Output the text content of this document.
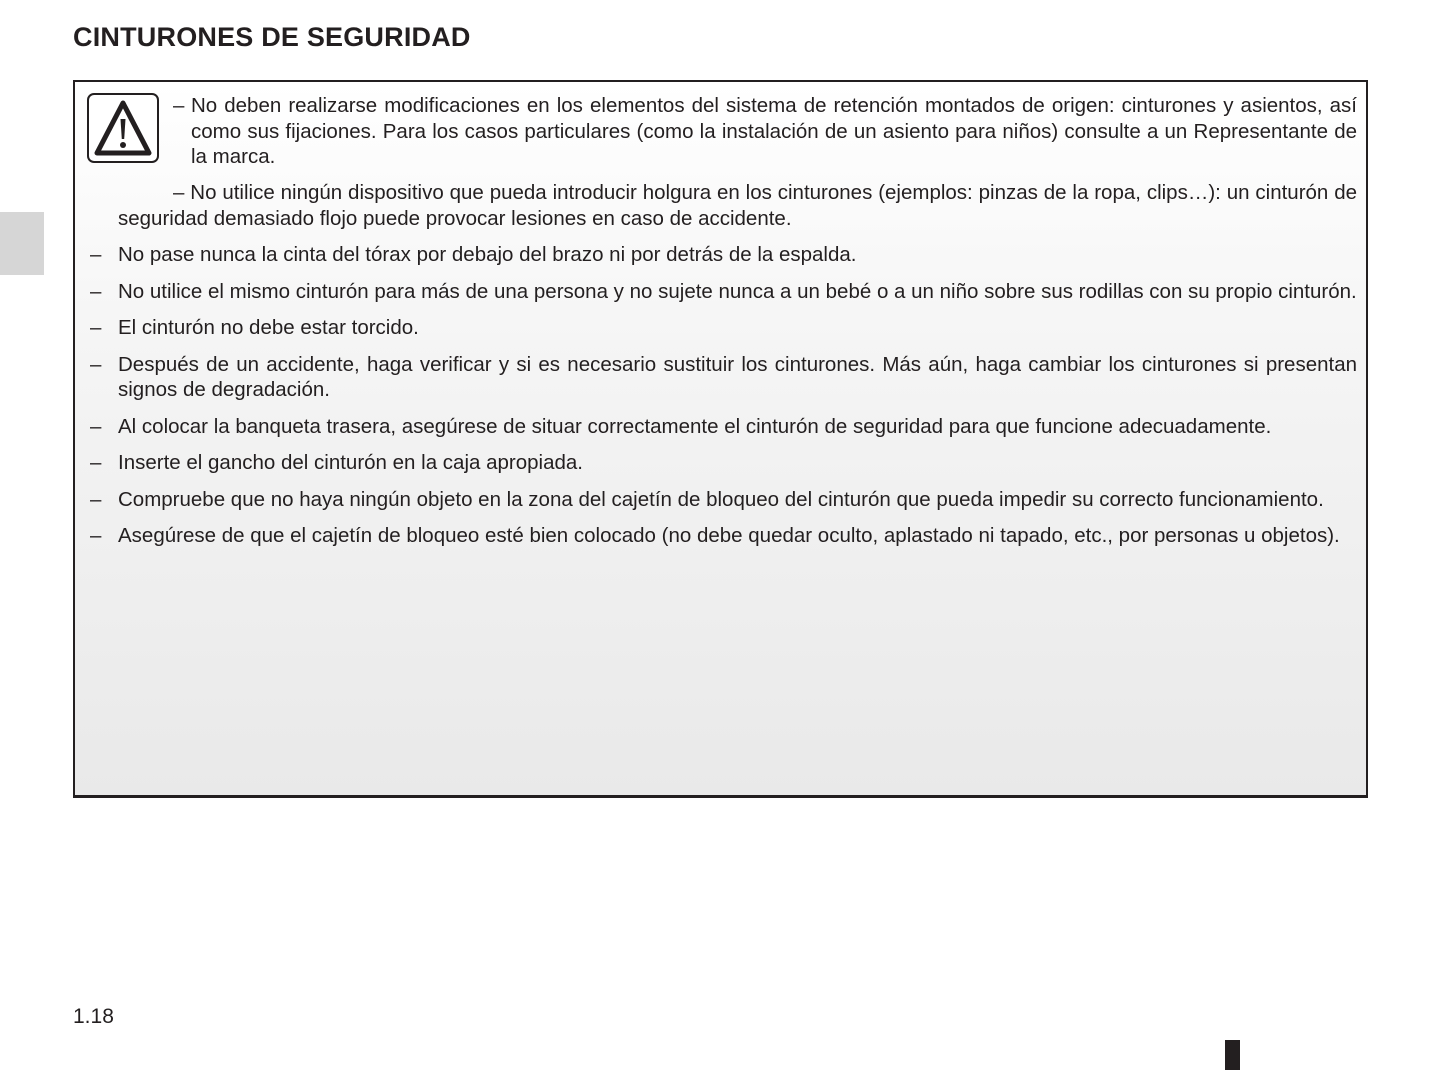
CINTURONES DE SEGURIDAD
– No deben realizarse modificaciones en los elementos del sistema de retención montados de origen: cinturones y asientos, así como sus fijaciones. Para los casos particulares (como la instalación de un asiento para niños) consulte a un Representante de la marca.
– No utilice ningún dispositivo que pueda introducir holgura en los cinturones (ejemplos: pinzas de la ropa, clips…): un cinturón de seguridad demasiado flojo puede provocar lesiones en caso de accidente.
– No pase nunca la cinta del tórax por debajo del brazo ni por detrás de la espalda.
– No utilice el mismo cinturón para más de una persona y no sujete nunca a un bebé o a un niño sobre sus rodillas con su propio cinturón.
– El cinturón no debe estar torcido.
– Después de un accidente, haga verificar y si es necesario sustituir los cinturones. Más aún, haga cambiar los cinturones si presentan signos de degradación.
– Al colocar la banqueta trasera, asegúrese de situar correctamente el cinturón de seguridad para que funcione adecuadamente.
– Inserte el gancho del cinturón en la caja apropiada.
– Compruebe que no haya ningún objeto en la zona del cajetín de bloqueo del cinturón que pueda impedir su correcto funcionamiento.
– Asegúrese de que el cajetín de bloqueo esté bien colocado (no debe quedar oculto, aplastado ni tapado, etc., por personas u objetos).
1.18
